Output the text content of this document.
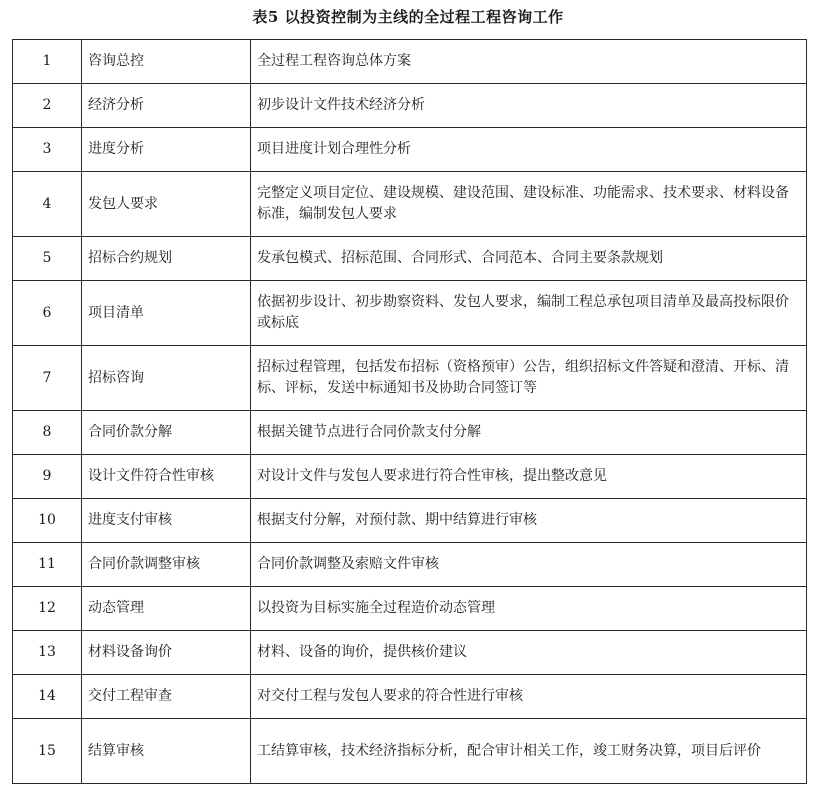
表5 以投资控制为主线的全过程工程咨询工作
1	咨询总控	全过程工程咨询总体方案
2	经济分析	初步设计文件技术经济分析
3	进度分析	项目进度计划合理性分析
4	发包人要求	完整定义项目定位、建设规模、建设范围、建设标准、功能需求、技术要求、材料设备标准，编制发包人要求
5	招标合约规划	发承包模式、招标范围、合同形式、合同范本、合同主要条款规划
6	项目清单	依据初步设计、初步勘察资料、发包人要求，编制工程总承包项目清单及最高投标限价或标底
7	招标咨询	招标过程管理，包括发布招标（资格预审）公告，组织招标文件答疑和澄清、开标、清标、评标，发送中标通知书及协助合同签订等
8	合同价款分解	根据关键节点进行合同价款支付分解
9	设计文件符合性审核	对设计文件与发包人要求进行符合性审核，提出整改意见
10	进度支付审核	根据支付分解，对预付款、期中结算进行审核
11	合同价款调整审核	合同价款调整及索赔文件审核
12	动态管理	以投资为目标实施全过程造价动态管理
13	材料设备询价	材料、设备的询价，提供核价建议
14	交付工程审查	对交付工程与发包人要求的符合性进行审核
15	结算审核	工结算审核，技术经济指标分析，配合审计相关工作，竣工财务决算，项目后评价
